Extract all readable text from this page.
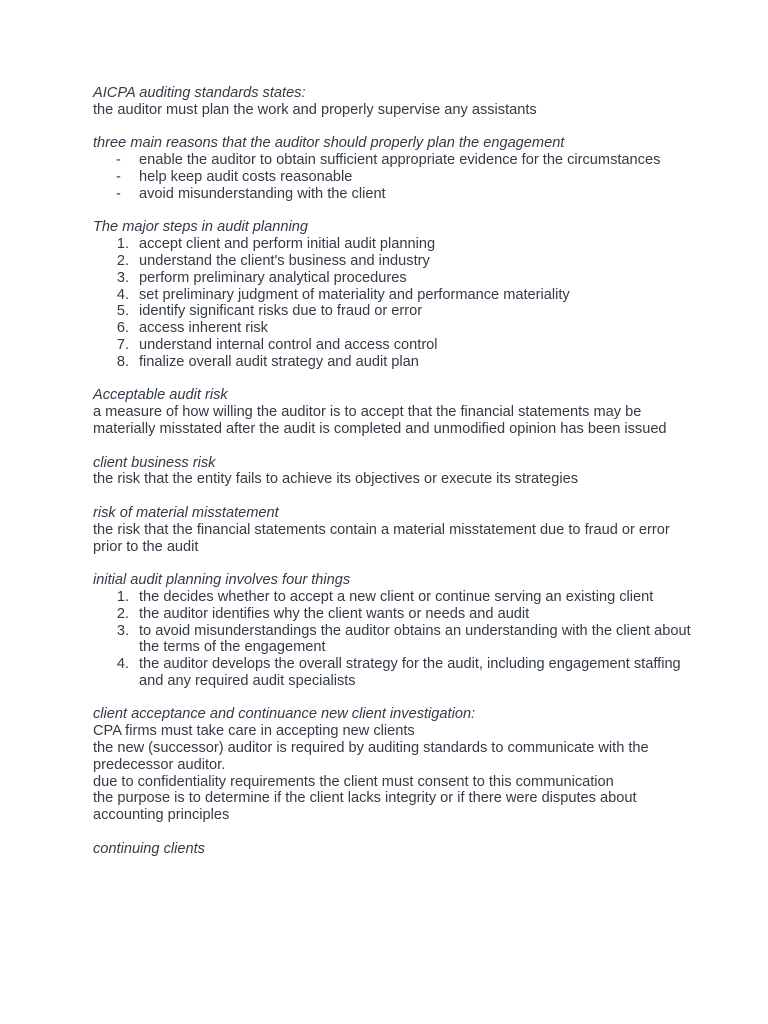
AICPA auditing standards states:

the auditor must plan the work and properly supervise any assistants

three main reasons that the auditor should properly plan the engagement

- enable the auditor to obtain sufficient appropriate evidence for the circumstances
- help keep audit costs reasonable
- avoid misunderstanding with the client

The major steps in audit planning

1. accept client and perform initial audit planning
2. understand the client's business and industry
3. perform preliminary analytical procedures
4. set preliminary judgment of materiality and performance materiality
5. identify significant risks due to fraud or error
6. access inherent risk
7. understand internal control and access control
8. finalize overall audit strategy and audit plan

Acceptable audit risk

a measure of how willing the auditor is to accept that the financial statements may be materially misstated after the audit is completed and unmodified opinion has been issued

client business risk

the risk that the entity fails to achieve its objectives or execute its strategies

risk of material misstatement

the risk that the financial statements contain a material misstatement due to fraud or error prior to the audit

initial audit planning involves four things

1. the decides whether to accept a new client or continue serving an existing client
2. the auditor identifies why the client wants or needs and audit
3. to avoid misunderstandings the auditor obtains an understanding with the client about the terms of the engagement
4. the auditor develops the overall strategy for the audit, including engagement staffing and any required audit specialists

client acceptance and continuance new client investigation:

CPA firms must take care in accepting new clients

the new (successor) auditor is required by auditing standards to communicate with the predecessor auditor.

due to confidentiality requirements the client must consent to this communication

the purpose is to determine if the client lacks integrity or if there were disputes about accounting principles

continuing clients
